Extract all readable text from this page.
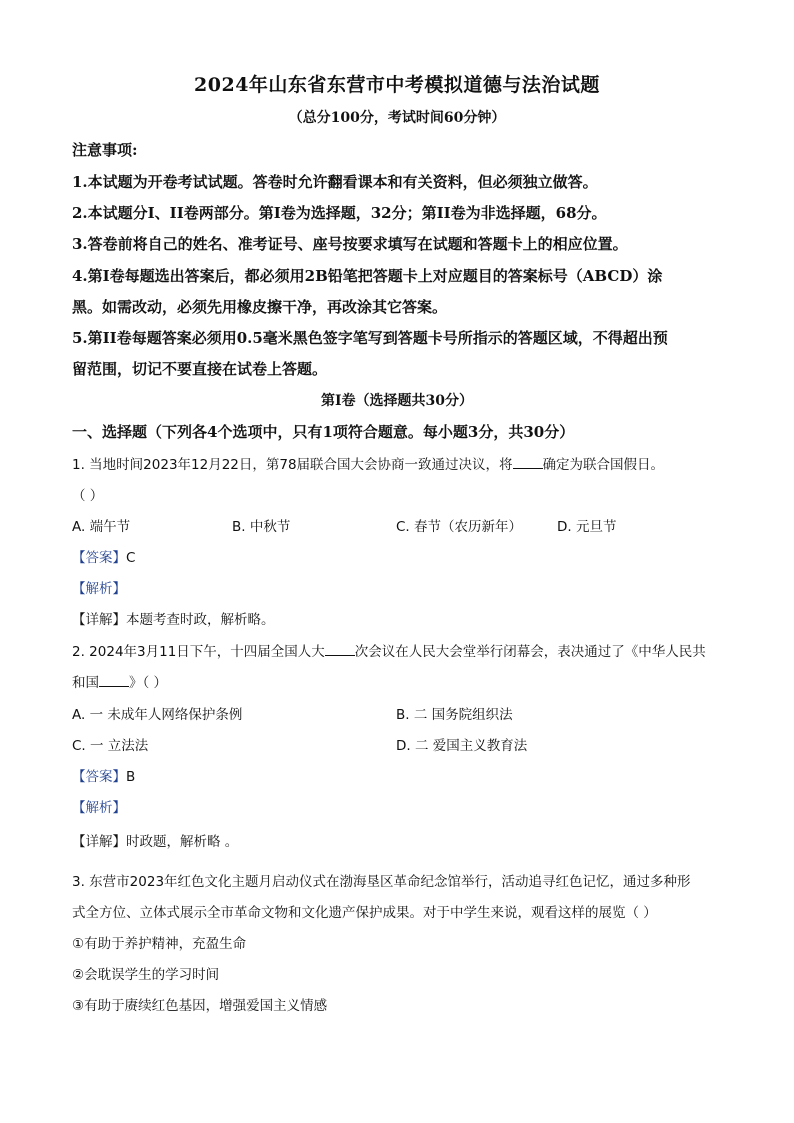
2024年山东省东营市中考模拟道德与法治试题
（总分100分，考试时间60分钟）
注意事项:
1.本试题为开卷考试试题。答卷时允许翻看课本和有关资料，但必须独立做答。
2.本试题分I、II卷两部分。第I卷为选择题，32分；第II卷为非选择题，68分。
3.答卷前将自己的姓名、准考证号、座号按要求填写在试题和答题卡上的相应位置。
4.第I卷每题选出答案后，都必须用2B铅笔把答题卡上对应题目的答案标号（ABCD）涂
黑。如需改动，必须先用橡皮擦干净，再改涂其它答案。
5.第II卷每题答案必须用0.5毫米黑色签字笔写到答题卡号所指示的答题区域，不得超出预
留范围，切记不要直接在试卷上答题。
第Ⅰ卷（选择题共30分）
一、选择题（下列各4个选项中，只有1项符合题意。每小题3分，共30分）
1. 当地时间2023年12月22日，第78届联合国大会协商一致通过决议，将 确定为联合国假日。
（ ）
A. 端午节	B. 中秋节	C. 春节（农历新年）	D. 元旦节
【答案】C
【解析】
【详解】本题考查时政，解析略。
2. 2024年3月11日下午，十四届全国人大 次会议在人民大会堂举行闭幕会，表决通过了《中华人民共
和国 》（ ）
A. 一 未成年人网络保护条例	B. 二 国务院组织法
C. 一 立法法	D. 二 爱国主义教育法
【答案】B
【解析】
【详解】时政题，解析略 。
3. 东营市2023年红色文化主题月启动仪式在渤海垦区革命纪念馆举行，活动追寻红色记忆，通过多种形
式全方位、立体式展示全市革命文物和文化遗产保护成果。对于中学生来说，观看这样的展览（ ）
①有助于养护精神，充盈生命
②会耽误学生的学习时间
③有助于赓续红色基因，增强爱国主义情感
